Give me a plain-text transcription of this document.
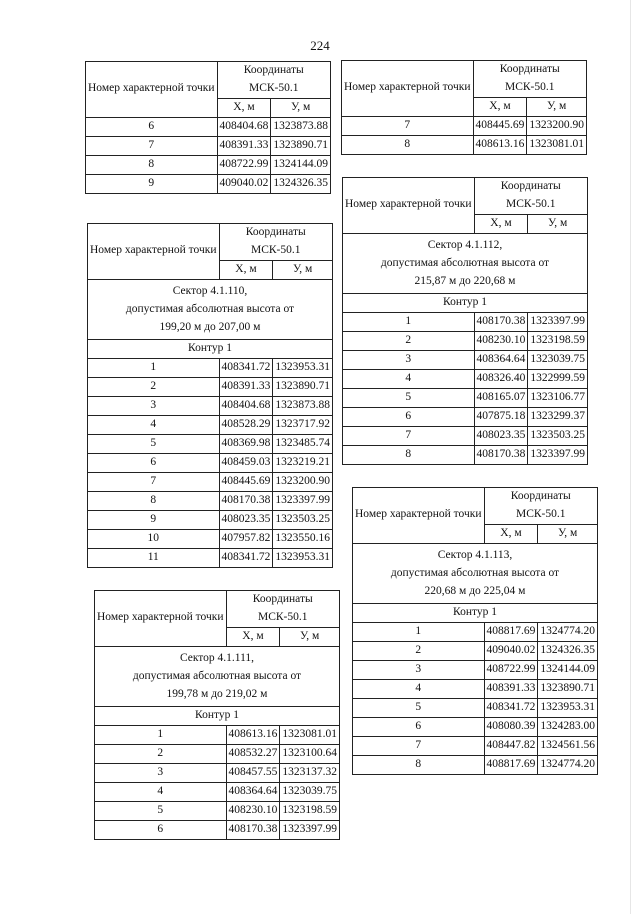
224
Номер характерной точки	Координаты
МСК-50.1	
	X, м	У, м
6	408404.68	1323873.88
7	408391.33	1323890.71
8	408722.99	1324144.09
9	409040.02	1324326.35
Номер характерной точки	Координаты
МСК-50.1	
	X, м	У, м
Сектор 4.1.110,
допустимая абсолютная высота от
199,20 м до 207,00 м		
Контур 1		
1	408341.72	1323953.31
2	408391.33	1323890.71
3	408404.68	1323873.88
4	408528.29	1323717.92
5	408369.98	1323485.74
6	408459.03	1323219.21
7	408445.69	1323200.90
8	408170.38	1323397.99
9	408023.35	1323503.25
10	407957.82	1323550.16
11	408341.72	1323953.31
Номер характерной точки	Координаты
МСК-50.1	
	X, м	У, м
Сектор 4.1.111,
допустимая абсолютная высота от
199,78 м до 219,02 м		
Контур 1		
1	408613.16	1323081.01
2	408532.27	1323100.64
3	408457.55	1323137.32
4	408364.64	1323039.75
5	408230.10	1323198.59
6	408170.38	1323397.99
Номер характерной точки	Координаты
МСК-50.1	
	X, м	У, м
7	408445.69	1323200.90
8	408613.16	1323081.01
Номер характерной точки	Координаты
МСК-50.1	
	X, м	У, м
Сектор 4.1.112,
допустимая абсолютная высота от
215,87 м до 220,68 м		
Контур 1		
1	408170.38	1323397.99
2	408230.10	1323198.59
3	408364.64	1323039.75
4	408326.40	1322999.59
5	408165.07	1323106.77
6	407875.18	1323299.37
7	408023.35	1323503.25
8	408170.38	1323397.99
Номер характерной точки	Координаты
МСК-50.1	
	X, м	У, м
Сектор 4.1.113,
допустимая абсолютная высота от
220,68 м до 225,04 м		
Контур 1		
1	408817.69	1324774.20
2	409040.02	1324326.35
3	408722.99	1324144.09
4	408391.33	1323890.71
5	408341.72	1323953.31
6	408080.39	1324283.00
7	408447.82	1324561.56
8	408817.69	1324774.20
